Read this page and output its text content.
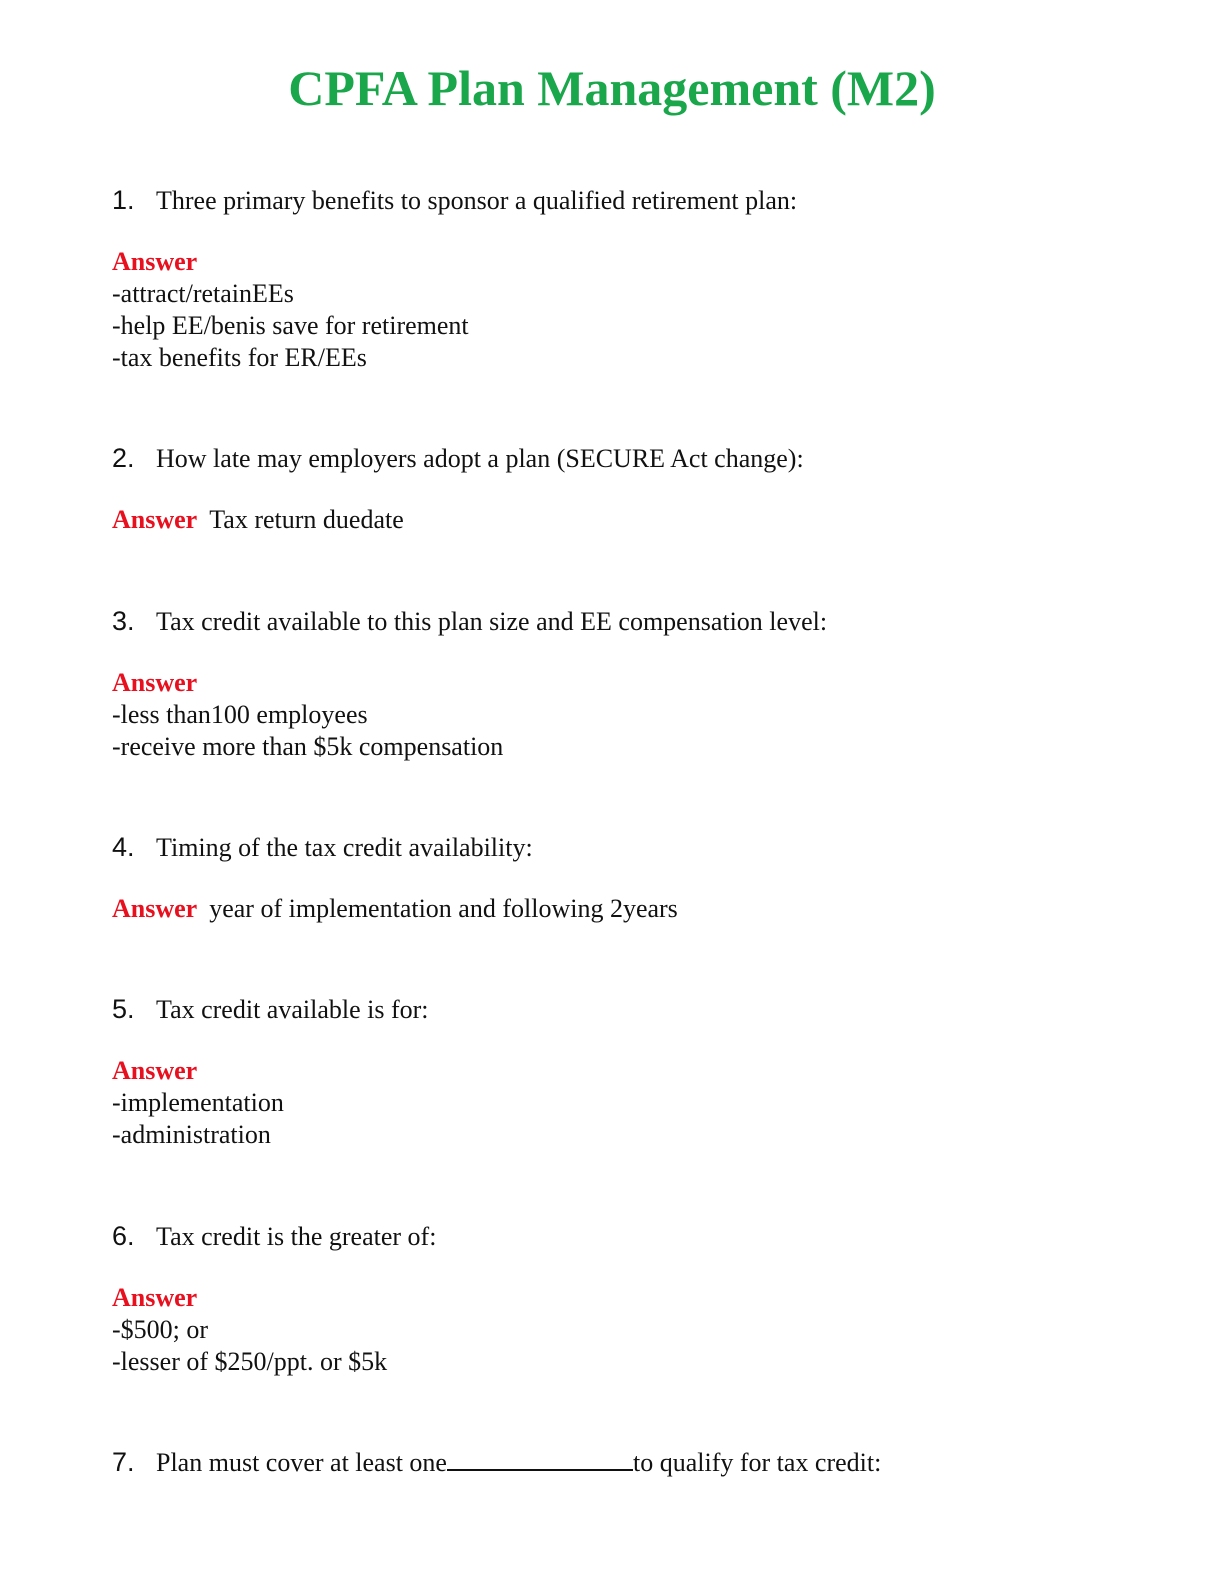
CPFA Plan Management (M2)
1. Three primary benefits to sponsor a qualified retirement plan:
Answer
-attract/retainEEs
-help EE/benis save for retirement
-tax benefits for ER/EEs
2. How late may employers adopt a plan (SECURE Act change):
Answer Tax return duedate
3. Tax credit available to this plan size and EE compensation level:
Answer
-less than100 employees
-receive more than $5k compensation
4. Timing of the tax credit availability:
Answer year of implementation and following 2years
5. Tax credit available is for:
Answer
-implementation
-administration
6. Tax credit is the greater of:
Answer
-$500; or
-lesser of $250/ppt. or $5k
7. Plan must cover at least one	to qualify for tax credit:
